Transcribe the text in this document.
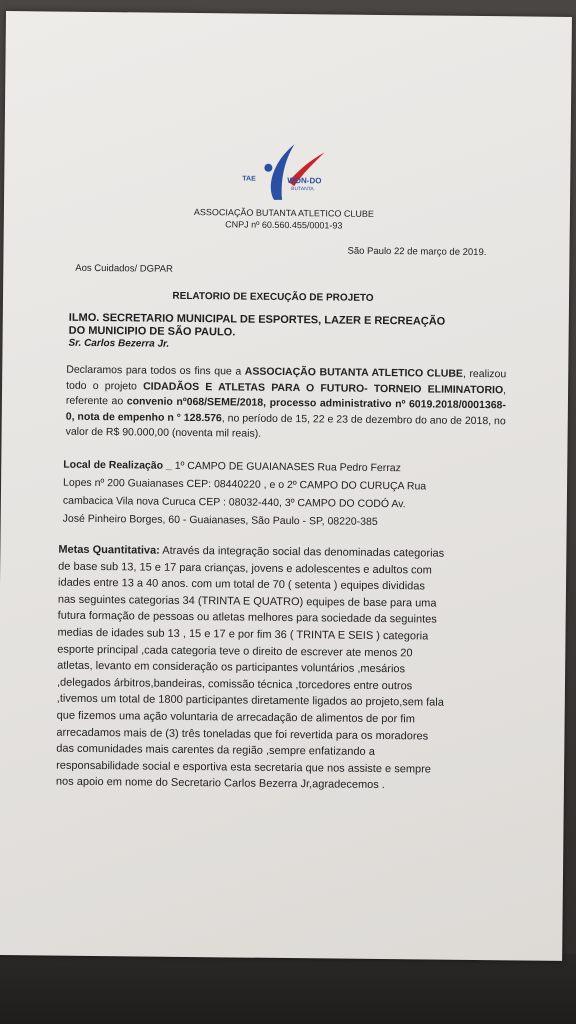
TAE	WON-DO
BUTANTA
ASSOCIAÇÃO BUTANTA ATLETICO CLUBE
CNPJ nº 60.560.455/0001-93
São Paulo 22 de março de 2019.
Aos Cuidados/ DGPAR
RELATORIO DE EXECUÇÃO DE PROJETO
ILMO. SECRETARIO MUNICIPAL DE ESPORTES, LAZER E RECREAÇÃO
DO MUNICIPIO DE SÃO PAULO.
Sr. Carlos Bezerra Jr.
Declaramos para todos os fins que a ASSOCIAÇÃO BUTANTA ATLETICO CLUBE, realizou todo o projeto CIDADÃOS E ATLETAS PARA O FUTURO- TORNEIO ELIMINATORIO, referente ao convenio nº068/SEME/2018, processo administrativo nº 6019.2018/0001368-0, nota de empenho n ° 128.576, no período de 15, 22 e 23 de dezembro do ano de 2018, no valor de R$ 90.000,00 (noventa mil reais).
Local de Realização _ 1º CAMPO DE GUAIANASES Rua Pedro Ferraz
Lopes nº 200 Guaianases CEP: 08440220 , e o 2º CAMPO DO CURUÇA Rua
cambacica Vila nova Curuca CEP : 08032-440, 3º CAMPO DO CODÓ Av.
José Pinheiro Borges, 60 - Guaianases, São Paulo - SP, 08220-385
Metas Quantitativa: Através da integração social das denominadas categorias
de base sub 13, 15 e 17 para crianças, jovens e adolescentes e adultos com
idades entre 13 a 40 anos. com um total de 70 ( setenta ) equipes divididas
nas seguintes categorias 34 (TRINTA E QUATRO) equipes de base para uma
futura formação de pessoas ou atletas melhores para sociedade da seguintes
medias de idades sub 13 , 15 e 17 e por fim 36 ( TRINTA E SEIS ) categoria
esporte principal ,cada categoria teve o direito de escrever ate menos 20
atletas, levanto em consideração os participantes voluntários ,mesários
,delegados árbitros,bandeiras, comissão técnica ,torcedores entre outros
,tivemos um total de 1800 participantes diretamente ligados ao projeto,sem fala
que fizemos uma ação voluntaria de arrecadação de alimentos de por fim
arrecadamos mais de (3) três toneladas que foi revertida para os moradores
das comunidades mais carentes da região ,sempre enfatizando a
responsabilidade social e esportiva esta secretaria que nos assiste e sempre
nos apoio em nome do Secretario Carlos Bezerra Jr,agradecemos .
